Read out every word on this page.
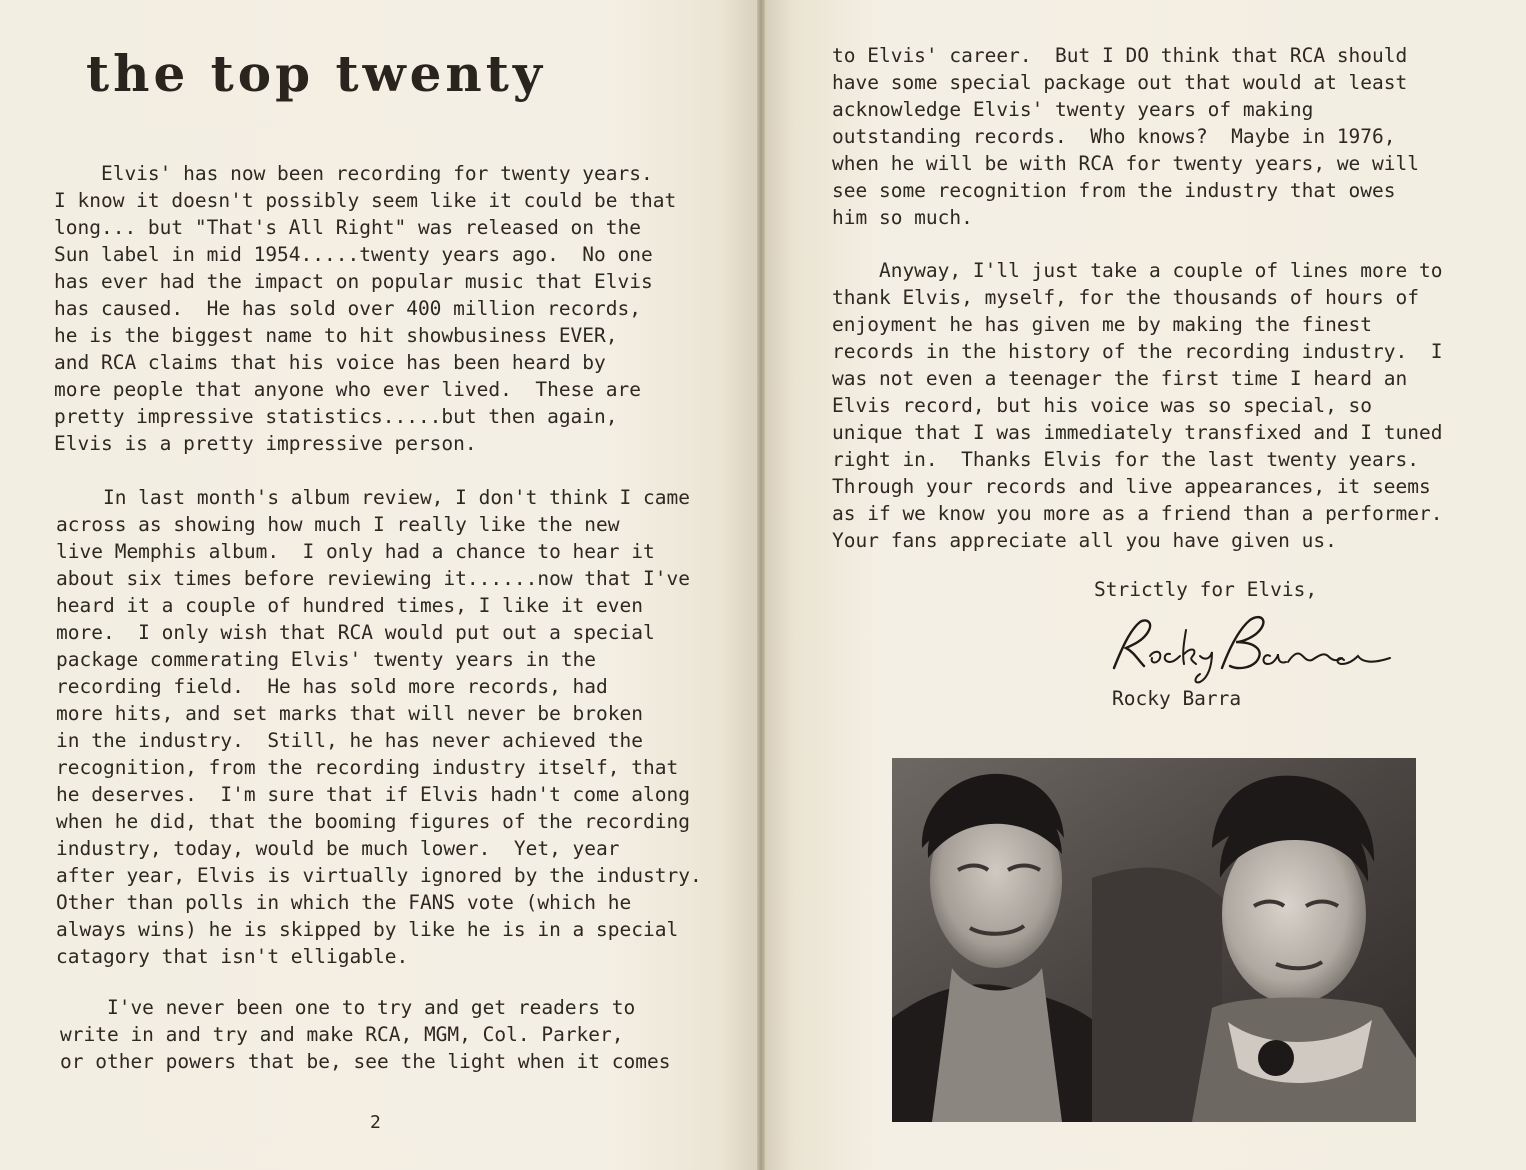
the top twenty
Elvis' has now been recording for twenty years.
I know it doesn't possibly seem like it could be that
long... but "That's All Right" was released on the
Sun label in mid 1954.....twenty years ago.  No one
has ever had the impact on popular music that Elvis
has caused.  He has sold over 400 million records,
he is the biggest name to hit showbusiness EVER,
and RCA claims that his voice has been heard by
more people that anyone who ever lived.  These are
pretty impressive statistics.....but then again,
Elvis is a pretty impressive person.
In last month's album review, I don't think I came
across as showing how much I really like the new
live Memphis album.  I only had a chance to hear it
about six times before reviewing it......now that I've
heard it a couple of hundred times, I like it even
more.  I only wish that RCA would put out a special
package commerating Elvis' twenty years in the
recording field.  He has sold more records, had
more hits, and set marks that will never be broken
in the industry.  Still, he has never achieved the
recognition, from the recording industry itself, that
he deserves.  I'm sure that if Elvis hadn't come along
when he did, that the booming figures of the recording
industry, today, would be much lower.  Yet, year
after year, Elvis is virtually ignored by the industry.
Other than polls in which the FANS vote (which he
always wins) he is skipped by like he is in a special
catagory that isn't elligable.
I've never been one to try and get readers to
write in and try and make RCA, MGM, Col. Parker,
or other powers that be, see the light when it comes
2
to Elvis' career.  But I DO think that RCA should
have some special package out that would at least
acknowledge Elvis' twenty years of making
outstanding records.  Who knows?  Maybe in 1976,
when he will be with RCA for twenty years, we will
see some recognition from the industry that owes
him so much.
Anyway, I'll just take a couple of lines more to
thank Elvis, myself, for the thousands of hours of
enjoyment he has given me by making the finest
records in the history of the recording industry.  I
was not even a teenager the first time I heard an
Elvis record, but his voice was so special, so
unique that I was immediately transfixed and I tuned
right in.  Thanks Elvis for the last twenty years.
Through your records and live appearances, it seems
as if we know you more as a friend than a performer.
Your fans appreciate all you have given us.
Strictly for Elvis,
Rocky Barra
